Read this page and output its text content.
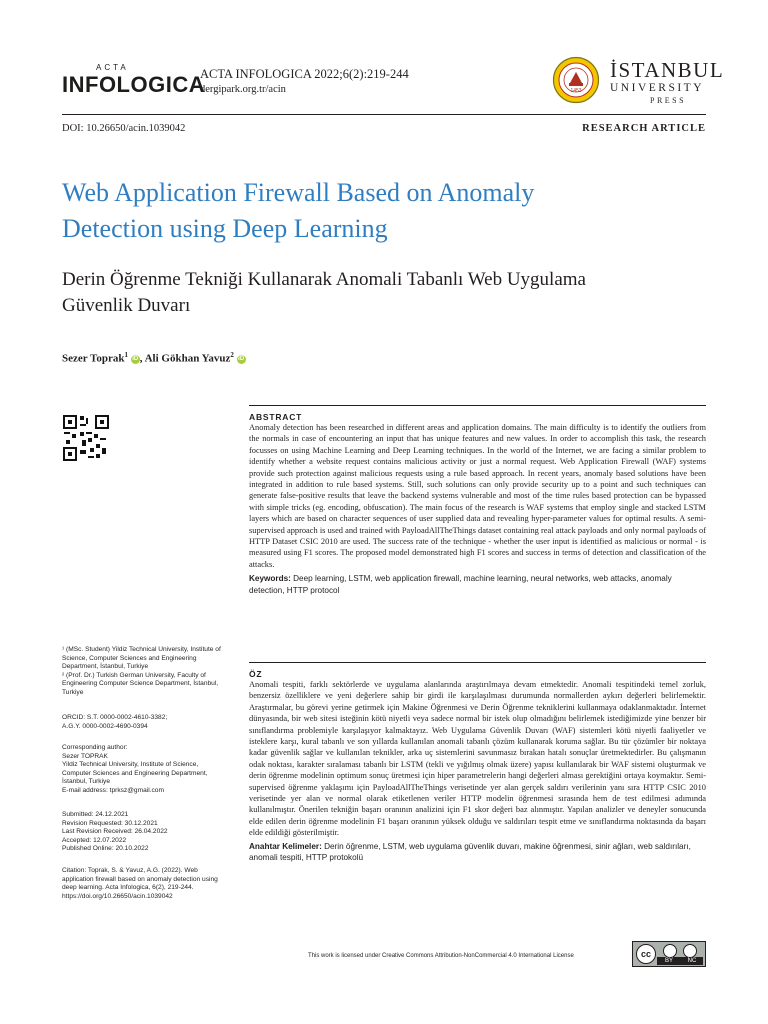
ACTA
INFOLOGICA
ACTA INFOLOGICA 2022;6(2):219-244
dergipark.org.tr/acin	1453
İSTANBUL
UNIVERSITY
PRESS
DOI: 10.26650/acin.1039042	RESEARCH ARTICLE
Web Application Firewall Based on Anomaly
Detection using Deep Learning
Derin Öğrenme Tekniği Kullanarak Anomali Tabanlı Web Uygulama
Güvenlik Duvarı
Sezer Toprak$^1$ iD , Ali Gökhan Yavuz$^2$ iD
¹ (MSc. Student) Yildiz Technical University, Institute of Science, Computer Sciences and Engineering Department, İstanbul, Turkiye
² (Prof. Dr.) Turkish German University, Faculty of Engineering Computer Science Department, İstanbul, Turkiye
ORCID: S.T. 0000-0002-4610-3382;
A.G.Y. 0000-0002-4690-0394
Corresponding author:
Sezer TOPRAK
Yildiz Technical University, Institute of Science, Computer Sciences and Engineering Department, İstanbul, Turkiye
E-mail address: tprksz@gmail.com
Submitted: 24.12.2021
Revision Requested: 30.12.2021
Last Revision Received: 26.04.2022
Accepted: 12.07.2022
Published Online: 20.10.2022
Citation: Toprak, S. & Yavuz, A.G. (2022). Web application firewall based on anomaly detection using deep learning. Acta Infologica, 6(2), 219-244. https://doi.org/10.26650/acin.1039042
ABSTRACT
Anomaly detection has been researched in different areas and application domains. The main difficulty is to identify the outliers from the normals in case of encountering an input that has unique features and new values. In order to accomplish this task, the research focusses on using Machine Learning and Deep Learning techniques. In the world of the Internet, we are facing a similar problem to identify whether a website request contains malicious activity or just a normal request. Web Application Firewall (WAF) systems provide such protection against malicious requests using a rule based approach. In recent years, anomaly based solutions have been integrated in addition to rule based systems. Still, such solutions can only provide security up to a point and such techniques can generate false-positive results that leave the backend systems vulnerable and most of the time rules based protection can be bypassed with simple tricks (eg. encoding, obfuscation). The main focus of the research is WAF systems that employ single and stacked LSTM layers which are based on character sequences of user supplied data and revealing hyper-parameter values for optimal results. A semi-supervised approach is used and trained with PayloadAllTheThings dataset containing real attack payloads and only normal payloads of HTTP Dataset CSIC 2010 are used. The success rate of the technique - whether the user input is identified as malicious or normal - is measured using F1 scores. The proposed model demonstrated high F1 scores and success in terms of detection and classification of the attacks.
Keywords: Deep learning, LSTM, web application firewall, machine learning, neural networks, web attacks, anomaly detection, HTTP protocol
ÖZ
Anomali tespiti, farklı sektörlerde ve uygulama alanlarında araştırılmaya devam etmektedir. Anomali tespitindeki temel zorluk, benzersiz özelliklere ve yeni değerlere sahip bir girdi ile karşılaşılması durumunda normallerden aykırı değerleri belirlemektir. Araştırmalar, bu görevi yerine getirmek için Makine Öğrenmesi ve Derin Öğrenme tekniklerini kullanmaya odaklanmaktadır. İnternet dünyasında, bir web sitesi isteğinin kötü niyetli veya sadece normal bir istek olup olmadığını belirlemek istediğimizde yine benzer bir sınıflandırma problemiyle karşılaşıyor kalmaktayız. Web Uygulama Güvenlik Duvarı (WAF) sistemleri kötü niyetli faaliyetler ve isteklere karşı, kural tabanlı ve son yıllarda kullanılan anomali tabanlı çözüm kullanarak koruma sağlar. Bu tür çözümler bir noktaya kadar güvenlik sağlar ve kullanılan teknikler, arka uç sistemlerini savunmasız bırakan hatalı sonuçlar üretmektedirler. Bu çalışmanın odak noktası, karakter sıralaması tabanlı bir LSTM (tekli ve yığılmış olmak üzere) yapısı kullanılarak bir WAF sistemi oluşturmak ve derin öğrenme modelinin optimum sonuç üretmesi için hiper parametrelerin hangi değerleri alması gerektiğini ortaya koymaktır. Semi-supervised öğrenme yaklaşımı için PayloadAllTheThings verisetinde yer alan gerçek saldırı verilerinin yanı sıra HTTP CSIC 2010 verisetinde yer alan ve normal olarak etiketlenen veriler HTTP modelin öğrenmesi sırasında hem de test edilmesi adımında kullanılmıştır. Önerilen tekniğin başarı oranının analizini için F1 skor değeri baz alınmıştır. Yapılan analizler ve deneyler sonucunda elde edilen derin öğrenme modelinin F1 başarı oranının yüksek olduğu ve saldırıları tespit etme ve sınıflandırma noktasında da başarı elde edildiği gösterilmiştir.
Anahtar Kelimeler: Derin öğrenme, LSTM, web uygulama güvenlik duvarı, makine öğrenmesi, sinir ağları, web saldırıları, anomali tespiti, HTTP protokolü
This work is licensed under Creative Commons Attribution-NonCommercial 4.0 International License	cc
BY	NC
